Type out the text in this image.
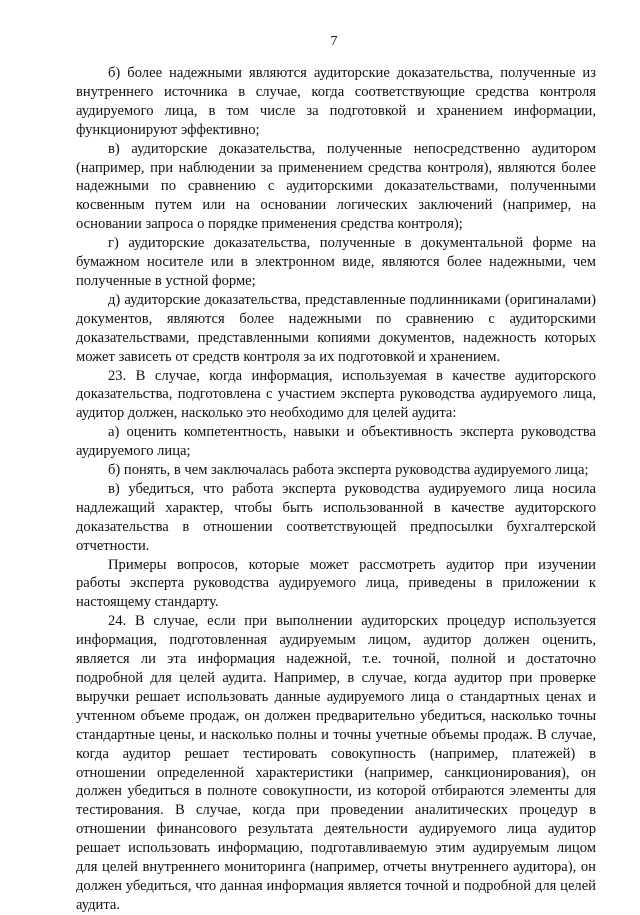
7

б) более надежными являются аудиторские доказательства, полученные из внутреннего источника в случае, когда соответствующие средства контроля аудируемого лица, в том числе за подготовкой и хранением информации, функционируют эффективно;

в) аудиторские доказательства, полученные непосредственно аудитором (например, при наблюдении за применением средства контроля), являются более надежными по сравнению с аудиторскими доказательствами, полученными косвенным путем или на основании логических заключений (например, на основании запроса о порядке применения средства контроля);

г) аудиторские доказательства, полученные в документальной форме на бумажном носителе или в электронном виде, являются более надежными, чем полученные в устной форме;

д) аудиторские доказательства, представленные подлинниками (оригиналами) документов, являются более надежными по сравнению с аудиторскими доказательствами, представленными копиями документов, надежность которых может зависеть от средств контроля за их подготовкой и хранением.

23. В случае, когда информация, используемая в качестве аудиторского доказательства, подготовлена с участием эксперта руководства аудируемого лица, аудитор должен, насколько это необходимо для целей аудита:

а) оценить компетентность, навыки и объективность эксперта руководства аудируемого лица;

б) понять, в чем заключалась работа эксперта руководства аудируемого лица;

в) убедиться, что работа эксперта руководства аудируемого лица носила надлежащий характер, чтобы быть использованной в качестве аудиторского доказательства в отношении соответствующей предпосылки бухгалтерской отчетности.

Примеры вопросов, которые может рассмотреть аудитор при изучении работы эксперта руководства аудируемого лица, приведены в приложении к настоящему стандарту.

24. В случае, если при выполнении аудиторских процедур используется информация, подготовленная аудируемым лицом, аудитор должен оценить, является ли эта информация надежной, т.е. точной, полной и достаточно подробной для целей аудита. Например, в случае, когда аудитор при проверке выручки решает использовать данные аудируемого лица о стандартных ценах и учтенном объеме продаж, он должен предварительно убедиться, насколько точны стандартные цены, и насколько полны и точны учетные объемы продаж. В случае, когда аудитор решает тестировать совокупность (например, платежей) в отношении определенной характеристики (например, санкционирования), он должен убедиться в полноте совокупности, из которой отбираются элементы для тестирования. В случае, когда при проведении аналитических процедур в отношении финансового результата деятельности аудируемого лица аудитор решает использовать информацию, подготавливаемую этим аудируемым лицом для целей внутреннего мониторинга (например, отчеты внутреннего аудитора), он должен убедиться, что данная информация является точной и подробной для целей аудита.
